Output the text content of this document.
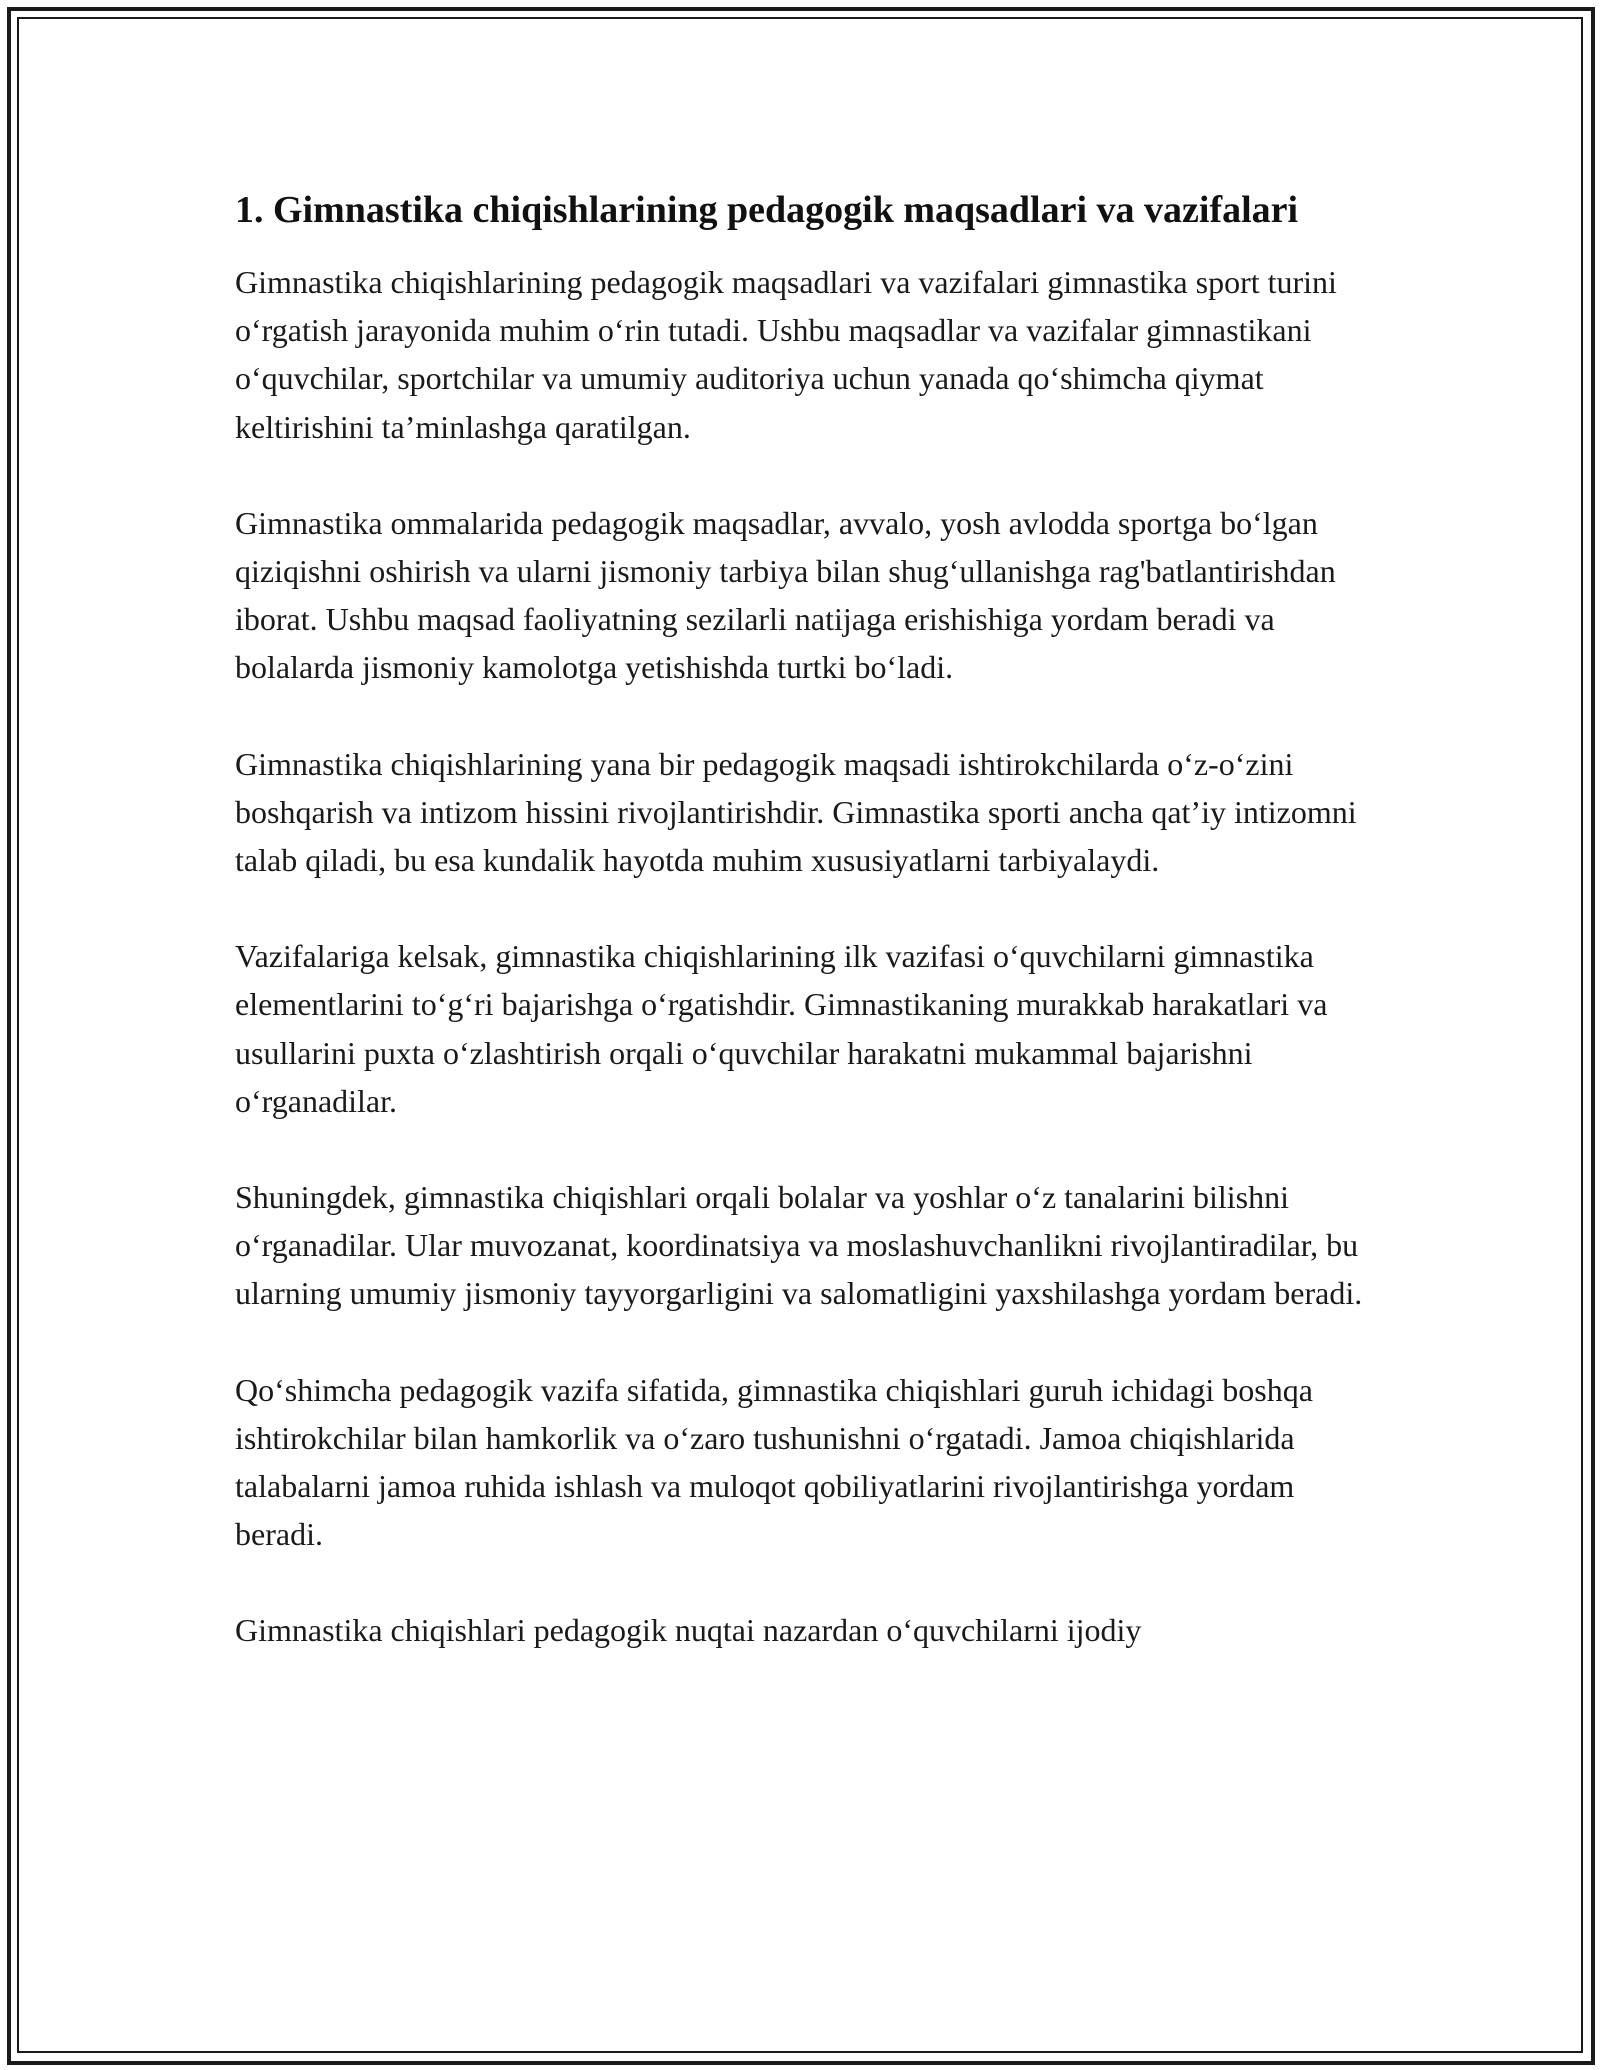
1. Gimnastika chiqishlarining pedagogik maqsadlari va vazifalari

Gimnastika chiqishlarining pedagogik maqsadlari va vazifalari gimnastika sport turini o‘rgatish jarayonida muhim o‘rin tutadi. Ushbu maqsadlar va vazifalar gimnastikani o‘quvchilar, sportchilar va umumiy auditoriya uchun yanada qo‘shimcha qiymat keltirishini ta’minlashga qaratilgan.

Gimnastika ommalarida pedagogik maqsadlar, avvalo, yosh avlodda sportga bo‘lgan qiziqishni oshirish va ularni jismoniy tarbiya bilan shug‘ullanishga rag'batlantirishdan iborat. Ushbu maqsad faoliyatning sezilarli natijaga erishishiga yordam beradi va bolalarda jismoniy kamolotga yetishishda turtki bo‘ladi.

Gimnastika chiqishlarining yana bir pedagogik maqsadi ishtirokchilarda o‘z-o‘zini boshqarish va intizom hissini rivojlantirishdir. Gimnastika sporti ancha qat’iy intizomni talab qiladi, bu esa kundalik hayotda muhim xususiyatlarni tarbiyalaydi.

Vazifalariga kelsak, gimnastika chiqishlarining ilk vazifasi o‘quvchilarni gimnastika elementlarini to‘g‘ri bajarishga o‘rgatishdir. Gimnastikaning murakkab harakatlari va usullarini puxta o‘zlashtirish orqali o‘quvchilar harakatni mukammal bajarishni o‘rganadilar.

Shuningdek, gimnastika chiqishlari orqali bolalar va yoshlar o‘z tanalarini bilishni o‘rganadilar. Ular muvozanat, koordinatsiya va moslashuvchanlikni rivojlantiradilar, bu ularning umumiy jismoniy tayyorgarligini va salomatligini yaxshilashga yordam beradi.

Qo‘shimcha pedagogik vazifa sifatida, gimnastika chiqishlari guruh ichidagi boshqa ishtirokchilar bilan hamkorlik va o‘zaro tushunishni o‘rgatadi. Jamoa chiqishlarida talabalarni jamoa ruhida ishlash va muloqot qobiliyatlarini rivojlantirishga yordam beradi.

Gimnastika chiqishlari pedagogik nuqtai nazardan o‘quvchilarni ijodiy
